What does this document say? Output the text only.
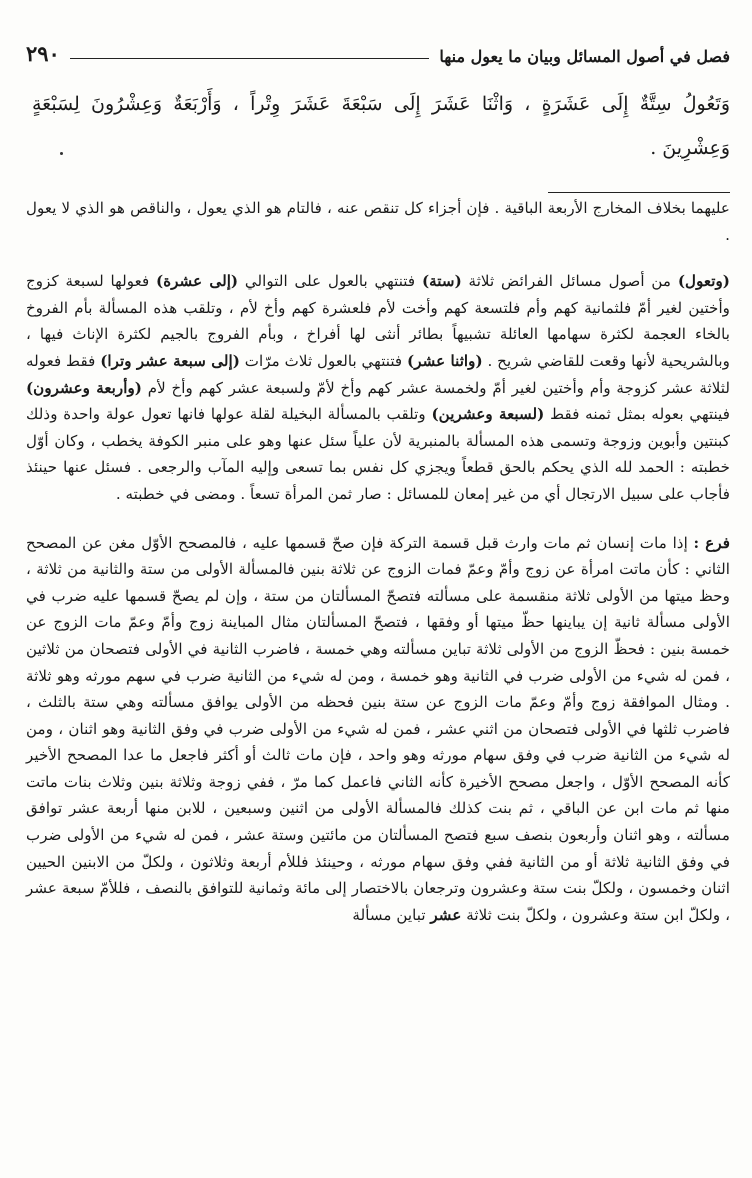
فصل في أصول المسائل وبيان ما يعول منها
٢٩٠
وَتَعُولُ سِتَّةٌ إِلَى عَشَرَةٍ ، وَاثْنَا عَشَرَ إِلَى سَبْعَةَ عَشَرَ وِتْراً ، وَأَرْبَعَةٌ وَعِشْرُونَ لِسَبْعَةٍ وَعِشْرِينَ .

عليهما بخلاف المخارج الأربعة الباقية . فإن أجزاء كل تنقص عنه ، فالتام هو الذي يعول ، والناقص هو الذي لا يعول .

(وتعول) من أصول مسائل الفرائض ثلاثة (ستة) فتنتهي بالعول على التوالي (إلى عشرة) فعولها لسبعة كزوج وأختين لغير أمّ فلثمانية كهم وأم فلتسعة كهم وأخت لأم فلعشرة كهم وأخ لأم ، وتلقب هذه المسألة بأم الفروخ بالخاء العجمة لكثرة سهامها العائلة تشبيهاً بطائر أنثى لها أفراخ ، وبأم الفروج بالجيم لكثرة الإناث فيها ، وبالشريحية لأنها وقعت للقاضي شريح . (واثنا عشر) فتنتهي بالعول ثلاث مرّات (إلى سبعة عشر وترا) فقط فعوله لثلاثة عشر كزوجة وأم وأختين لغير أمّ ولخمسة عشر كهم وأخ لأمّ ولسبعة عشر كهم وأخ لأم (وأربعة وعشرون) فينتهي بعوله بمثل ثمنه فقط (لسبعة وعشرين) وتلقب بالمسألة البخيلة لقلة عولها فانها تعول عولة واحدة وذلك كبنتين وأبوين وزوجة وتسمى هذه المسألة بالمنبرية لأن علياً سئل عنها وهو على منبر الكوفة يخطب ، وكان أوّل خطبته : الحمد لله الذي يحكم بالحق قطعاً ويجزي كل نفس بما تسعى وإليه المآب والرجعى . فسئل عنها حينئذ فأجاب على سبيل الارتجال أي من غير إمعان للمسائل : صار ثمن المرأة تسعاً . ومضى في خطبته .

فرع : إذا مات إنسان ثم مات وارث قبل قسمة التركة فإن صحّ قسمها عليه ، فالمصحح الأوّل مغن عن المصحح الثاني : كأن ماتت امرأة عن زوج وأمّ وعمّ فمات الزوج عن ثلاثة بنين فالمسألة الأولى من ستة والثانية من ثلاثة ، وحظ ميتها من الأولى ثلاثة منقسمة على مسألته فتصحّ المسألتان من ستة ، وإن لم يصحّ قسمها عليه ضرب في الأولى مسألة ثانية إن يباينها حظّ ميتها أو وفقها ، فتصحّ المسألتان مثال المباينة زوج وأمّ وعمّ مات الزوج عن خمسة بنين : فحظّ الزوج من الأولى ثلاثة تباين مسألته وهي خمسة ، فاضرب الثانية في الأولى فتصحان من ثلاثين ، فمن له شيء من الأولى ضرب في الثانية وهو خمسة ، ومن له شيء من الثانية ضرب في سهم مورثه وهو ثلاثة . ومثال الموافقة زوج وأمّ وعمّ مات الزوج عن ستة بنين فحظه من الأولى يوافق مسألته وهي ستة بالثلث ، فاضرب ثلثها في الأولى فتصحان من اثني عشر ، فمن له شيء من الأولى ضرب في وفق الثانية وهو اثنان ، ومن له شيء من الثانية ضرب في وفق سهام مورثه وهو واحد ، فإن مات ثالث أو أكثر فاجعل ما عدا المصحح الأخير كأنه المصحح الأوّل ، واجعل مصحح الأخيرة كأنه الثاني فاعمل كما مرّ ، ففي زوجة وثلاثة بنين وثلاث بنات ماتت منها ثم مات ابن عن الباقي ، ثم بنت كذلك فالمسألة الأولى من اثنين وسبعين ، للابن منها أربعة عشر توافق مسألته ، وهو اثنان وأربعون بنصف سبع فتصح المسألتان من مائتين وستة عشر ، فمن له شيء من الأولى ضرب في وفق الثانية ثلاثة أو من الثانية ففي وفق سهام مورثه ، وحينئذ فللأم أربعة وثلاثون ، ولكلّ من الابنين الحيين اثنان وخمسون ، ولكلّ بنت ستة وعشرون وترجعان بالاختصار إلى مائة وثمانية للتوافق بالنصف ، فللأمّ سبعة عشر ، ولكلّ ابن ستة وعشرون ، ولكلّ بنت ثلاثة عشر تباين مسألة
